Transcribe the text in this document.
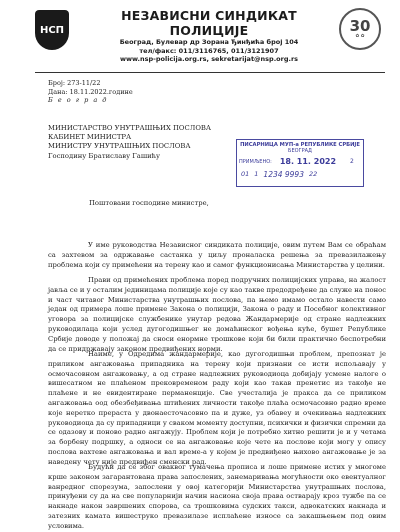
НСП
НЕЗАВИСНИ СИНДИКАТ ПОЛИЦИЈЕ
Београд, Булевар др Зорана Ђинђића број 104
тел/факс: 011/3116765, 011/3121907
www.nsp-policija.org.rs, sekretarijat@nsp.org.rs
30
✿ ✿
Број: 273-11/22
Дана: 18.11.2022.године
Б е о г р а д
МИНИСТАРСТВО УНУТРАШЊИХ ПОСЛОВА
КАБИНЕТ МИНИСТРА
МИНИСТРУ УНУТРАШЊИХ ПОСЛОВА
Господину Братиславу Гашићу
ПИСАРНИЦА МУП-а РЕПУБЛИКЕ СРБИЈЕ
БЕОГРАД
ПРИМЉЕНО: 18. 11. 2022 2
01 1 1234 9993 22
Поштовани господине министре,

У име руководства Независног синдиката полиције, овим путем Вам се обраћам са захтевом за одржавање састанка у циљу проналаска решења за превазилажењу проблема који су примећени на терену као и самог функционисања Министарства у целини.

Прави од примећених проблема поред подручних полицијских управа, на жалост јавља се и у осталим јединицама полиције које су као такве предодређене да служе на понос и част читавог Министарства унутрашњих послова, па њемо имамо остало навести само један од примера лоше примене Закона о полицији, Закона о раду и Посебног колективног уговора за полицијске службенике унутар редова Жандармерије од стране надлежних руководилаца који услед дугогодишњег не домаћинског вођења куће, бушет Републике Србије доводе у положај да сноси енормне трошкове који би били практично беспотребни да се придржавају законом предвиђених норми.

Наиме, у Одредима жандармерије, као дугогодишњи проблем, препознат је приликом ангажовања припадника на терену који признани се исти испољавају у осмочасовном ангажовању, а од стране надлежних руководиоца добијају усмене налоге о вишесатном не плаћеном прековременом раду који као такав пренетис из такође не плаћене и не евидентиране перманенције. Све учесталија је пракса да се приликом ангажовања оод обезбеђивања штићених личности такође плаћа осмочасовно радно време које неретко прераста у двонаесточасовно па и дуже, уз обавеу и очекивања надлежних руководиоца да су припадници у сваком моменту доступни, психички и физички спремни да се одазову и поново радно ангажују. Проблем који је потребно хитно решити је и у четама за борбену подршку, а односи се на ангажовање које чете на послове који могу у опису послова вахтеве ангажовања и вал време-а у којем је предвиђено њихово ангажовање је за наведену чету није предвиђен сменски рад.

Будући да се због оваквог тумачења прописа и лоше примене истих у многоме крше законом загарантована права запослених, занемаривања могућности око евентуалног ванредног спорезума, запослени у овој категорији Министарства унутрашњих послова, принуђени су да на све популарнији начин насиона своја права остварају кроз тужбе па се накнаде након завршених спорова, са трошковима судских такси, адвокатских накнада и затезних камата вишеструко превазилазе исплаћене износе са закашњењем под овим условима.
